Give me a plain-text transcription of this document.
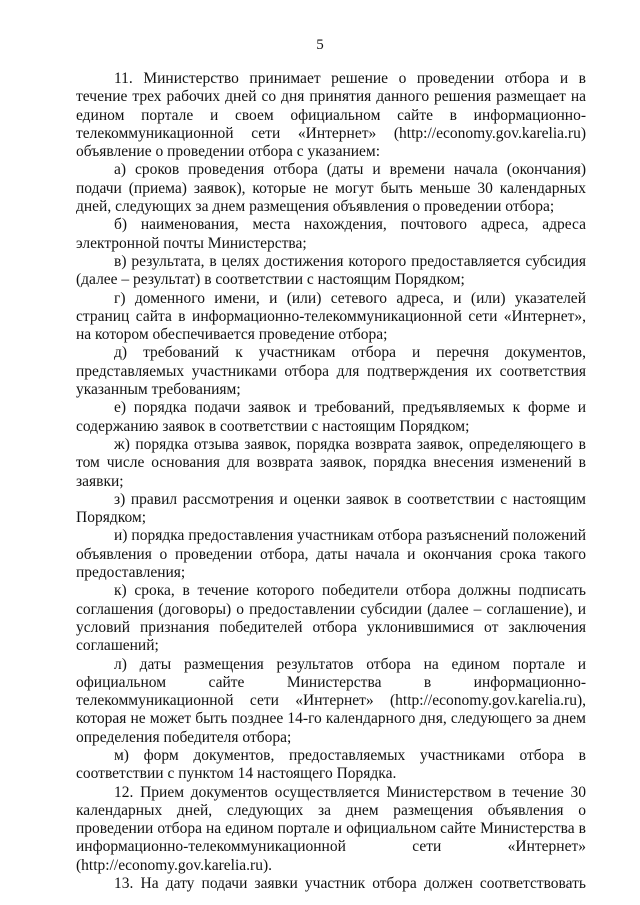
5

11. Министерство принимает решение о проведении отбора и в течение трех рабочих дней со дня принятия данного решения размещает на едином портале и своем официальном сайте в информационно-телекоммуникационной сети «Интернет» (http://economy.gov.karelia.ru) объявление о проведении отбора с указанием:

а) сроков проведения отбора (даты и времени начала (окончания) подачи (приема) заявок), которые не могут быть меньше 30 календарных дней, следующих за днем размещения объявления о проведении отбора;

б) наименования, места нахождения, почтового адреса, адреса электронной почты Министерства;

в) результата, в целях достижения которого предоставляется субсидия (далее – результат) в соответствии с настоящим Порядком;

г) доменного имени, и (или) сетевого адреса, и (или) указателей страниц сайта в информационно-телекоммуникационной сети «Интернет», на котором обеспечивается проведение отбора;

д) требований к участникам отбора и перечня документов, представляемых участниками отбора для подтверждения их соответствия указанным требованиям;

е) порядка подачи заявок и требований, предъявляемых к форме и содержанию заявок в соответствии с настоящим Порядком;

ж) порядка отзыва заявок, порядка возврата заявок, определяющего в том числе основания для возврата заявок, порядка внесения изменений в заявки;

з) правил рассмотрения и оценки заявок в соответствии с настоящим Порядком;

и) порядка предоставления участникам отбора разъяснений положений объявления о проведении отбора, даты начала и окончания срока такого предоставления;

к) срока, в течение которого победители отбора должны подписать соглашения (договоры) о предоставлении субсидии (далее – соглашение), и условий признания победителей отбора уклонившимися от заключения соглашений;

л) даты размещения результатов отбора на едином портале и официальном сайте Министерства в информационно-телекоммуникационной сети «Интернет» (http://economy.gov.karelia.ru), которая не может быть позднее 14-го календарного дня, следующего за днем определения победителя отбора;

м) форм документов, предоставляемых участниками отбора в соответствии с пунктом 14 настоящего Порядка.

12. Прием документов осуществляется Министерством в течение 30 календарных дней, следующих за днем размещения объявления о проведении отбора на едином портале и официальном сайте Министерства в информационно-телекоммуникационной сети «Интернет» (http://economy.gov.karelia.ru).

13. На дату подачи заявки участник отбора должен соответствовать
